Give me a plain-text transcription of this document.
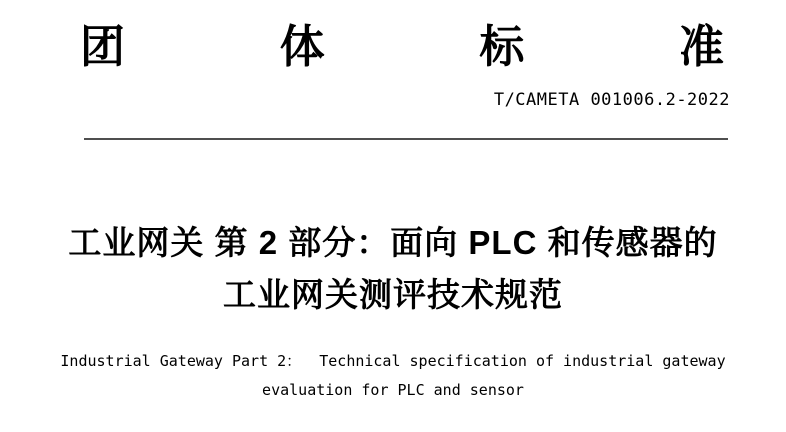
团	体	标	准
T/CAMETA 001006.2-2022
工业网关 第 2 部分：面向 PLC 和传感器的
工业网关测评技术规范
Industrial Gateway Part 2：  Technical specification of industrial gateway
evaluation for PLC and sensor
